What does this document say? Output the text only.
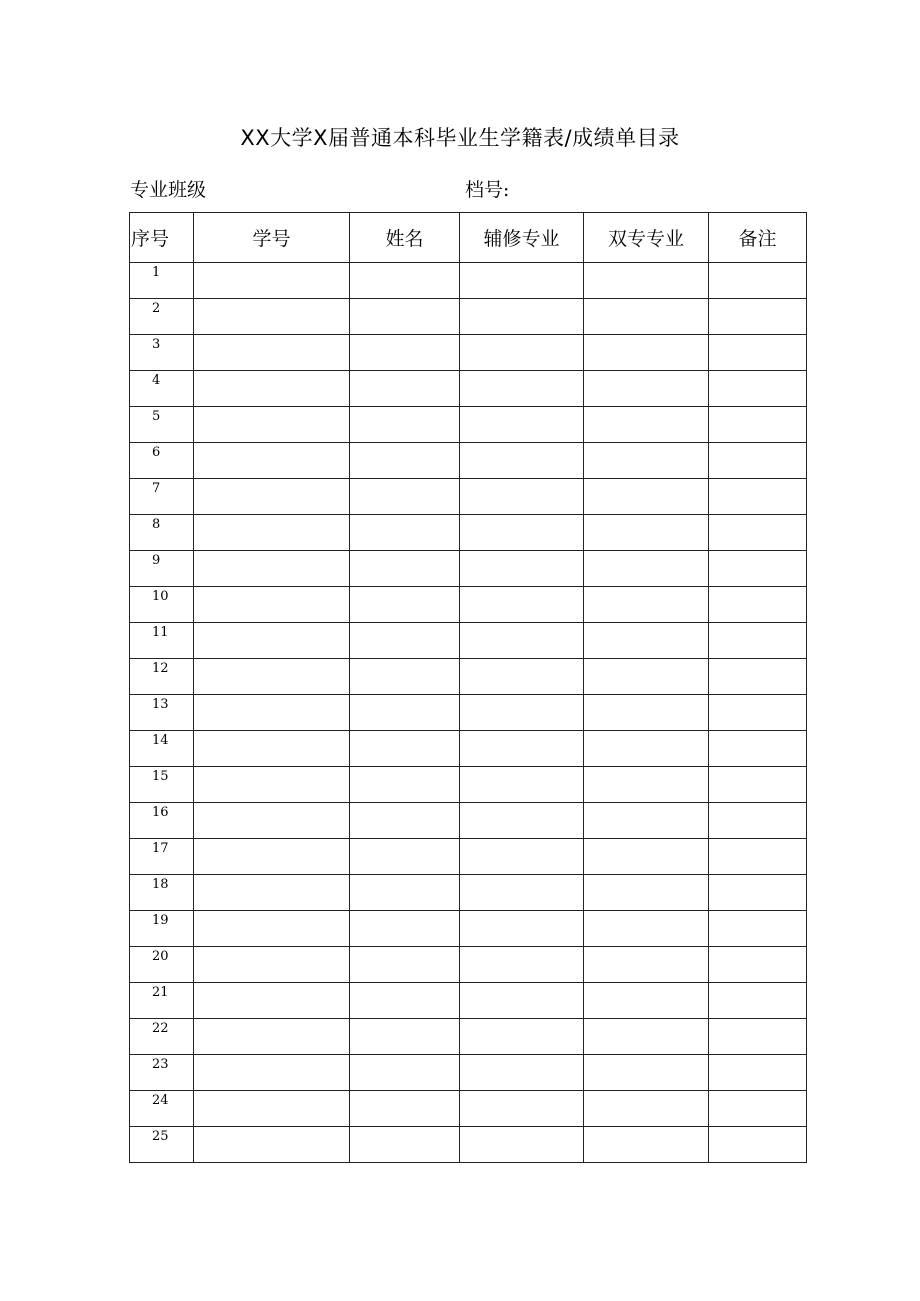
XX大学X届普通本科毕业生学籍表/成绩单目录
专业班级	档号:
序号	学号	姓名	辅修专业	双专专业	备注
1					
2					
3					
4					
5					
6					
7					
8					
9					
10					
11					
12					
13					
14					
15					
16					
17					
18					
19					
20					
21					
22					
23					
24					
25					
